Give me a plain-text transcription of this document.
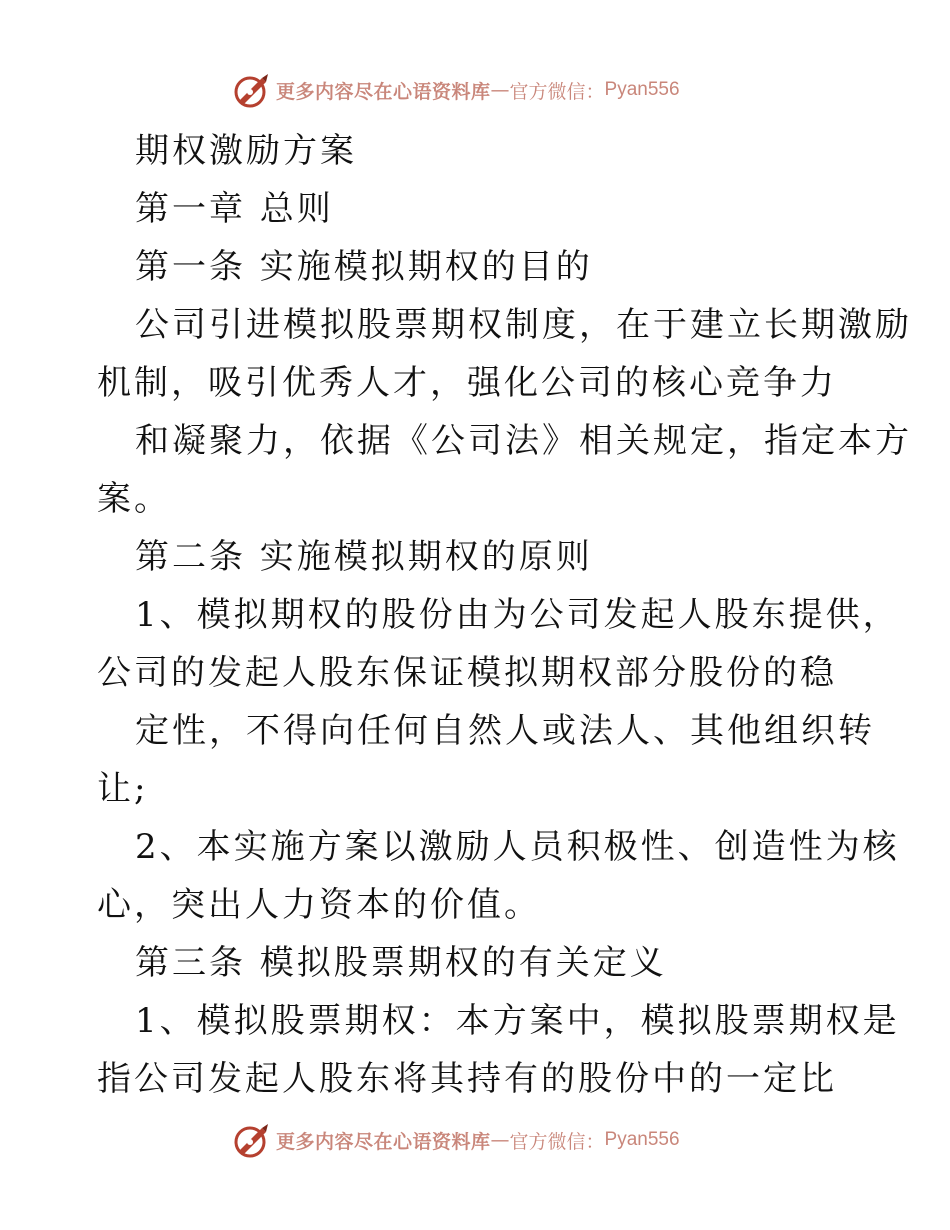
更多内容尽在心语资料库 — 官方微信： Pyan556
期权激励方案
第一章 总则
第一条 实施模拟期权的目的
公司引进模拟股票期权制度，在于建立长期激励
机制，吸引优秀人才，强化公司的核心竞争力
和凝聚力，依据《公司法》相关规定，指定本方
案。
第二条 实施模拟期权的原则
1、模拟期权的股份由为公司发起人股东提供，
公司的发起人股东保证模拟期权部分股份的稳
定性，不得向任何自然人或法人、其他组织转
让;
2、本实施方案以激励人员积极性、创造性为核
心，突出人力资本的价值。
第三条 模拟股票期权的有关定义
1、模拟股票期权：本方案中，模拟股票期权是
指公司发起人股东将其持有的股份中的一定比
更多内容尽在心语资料库 — 官方微信： Pyan556
